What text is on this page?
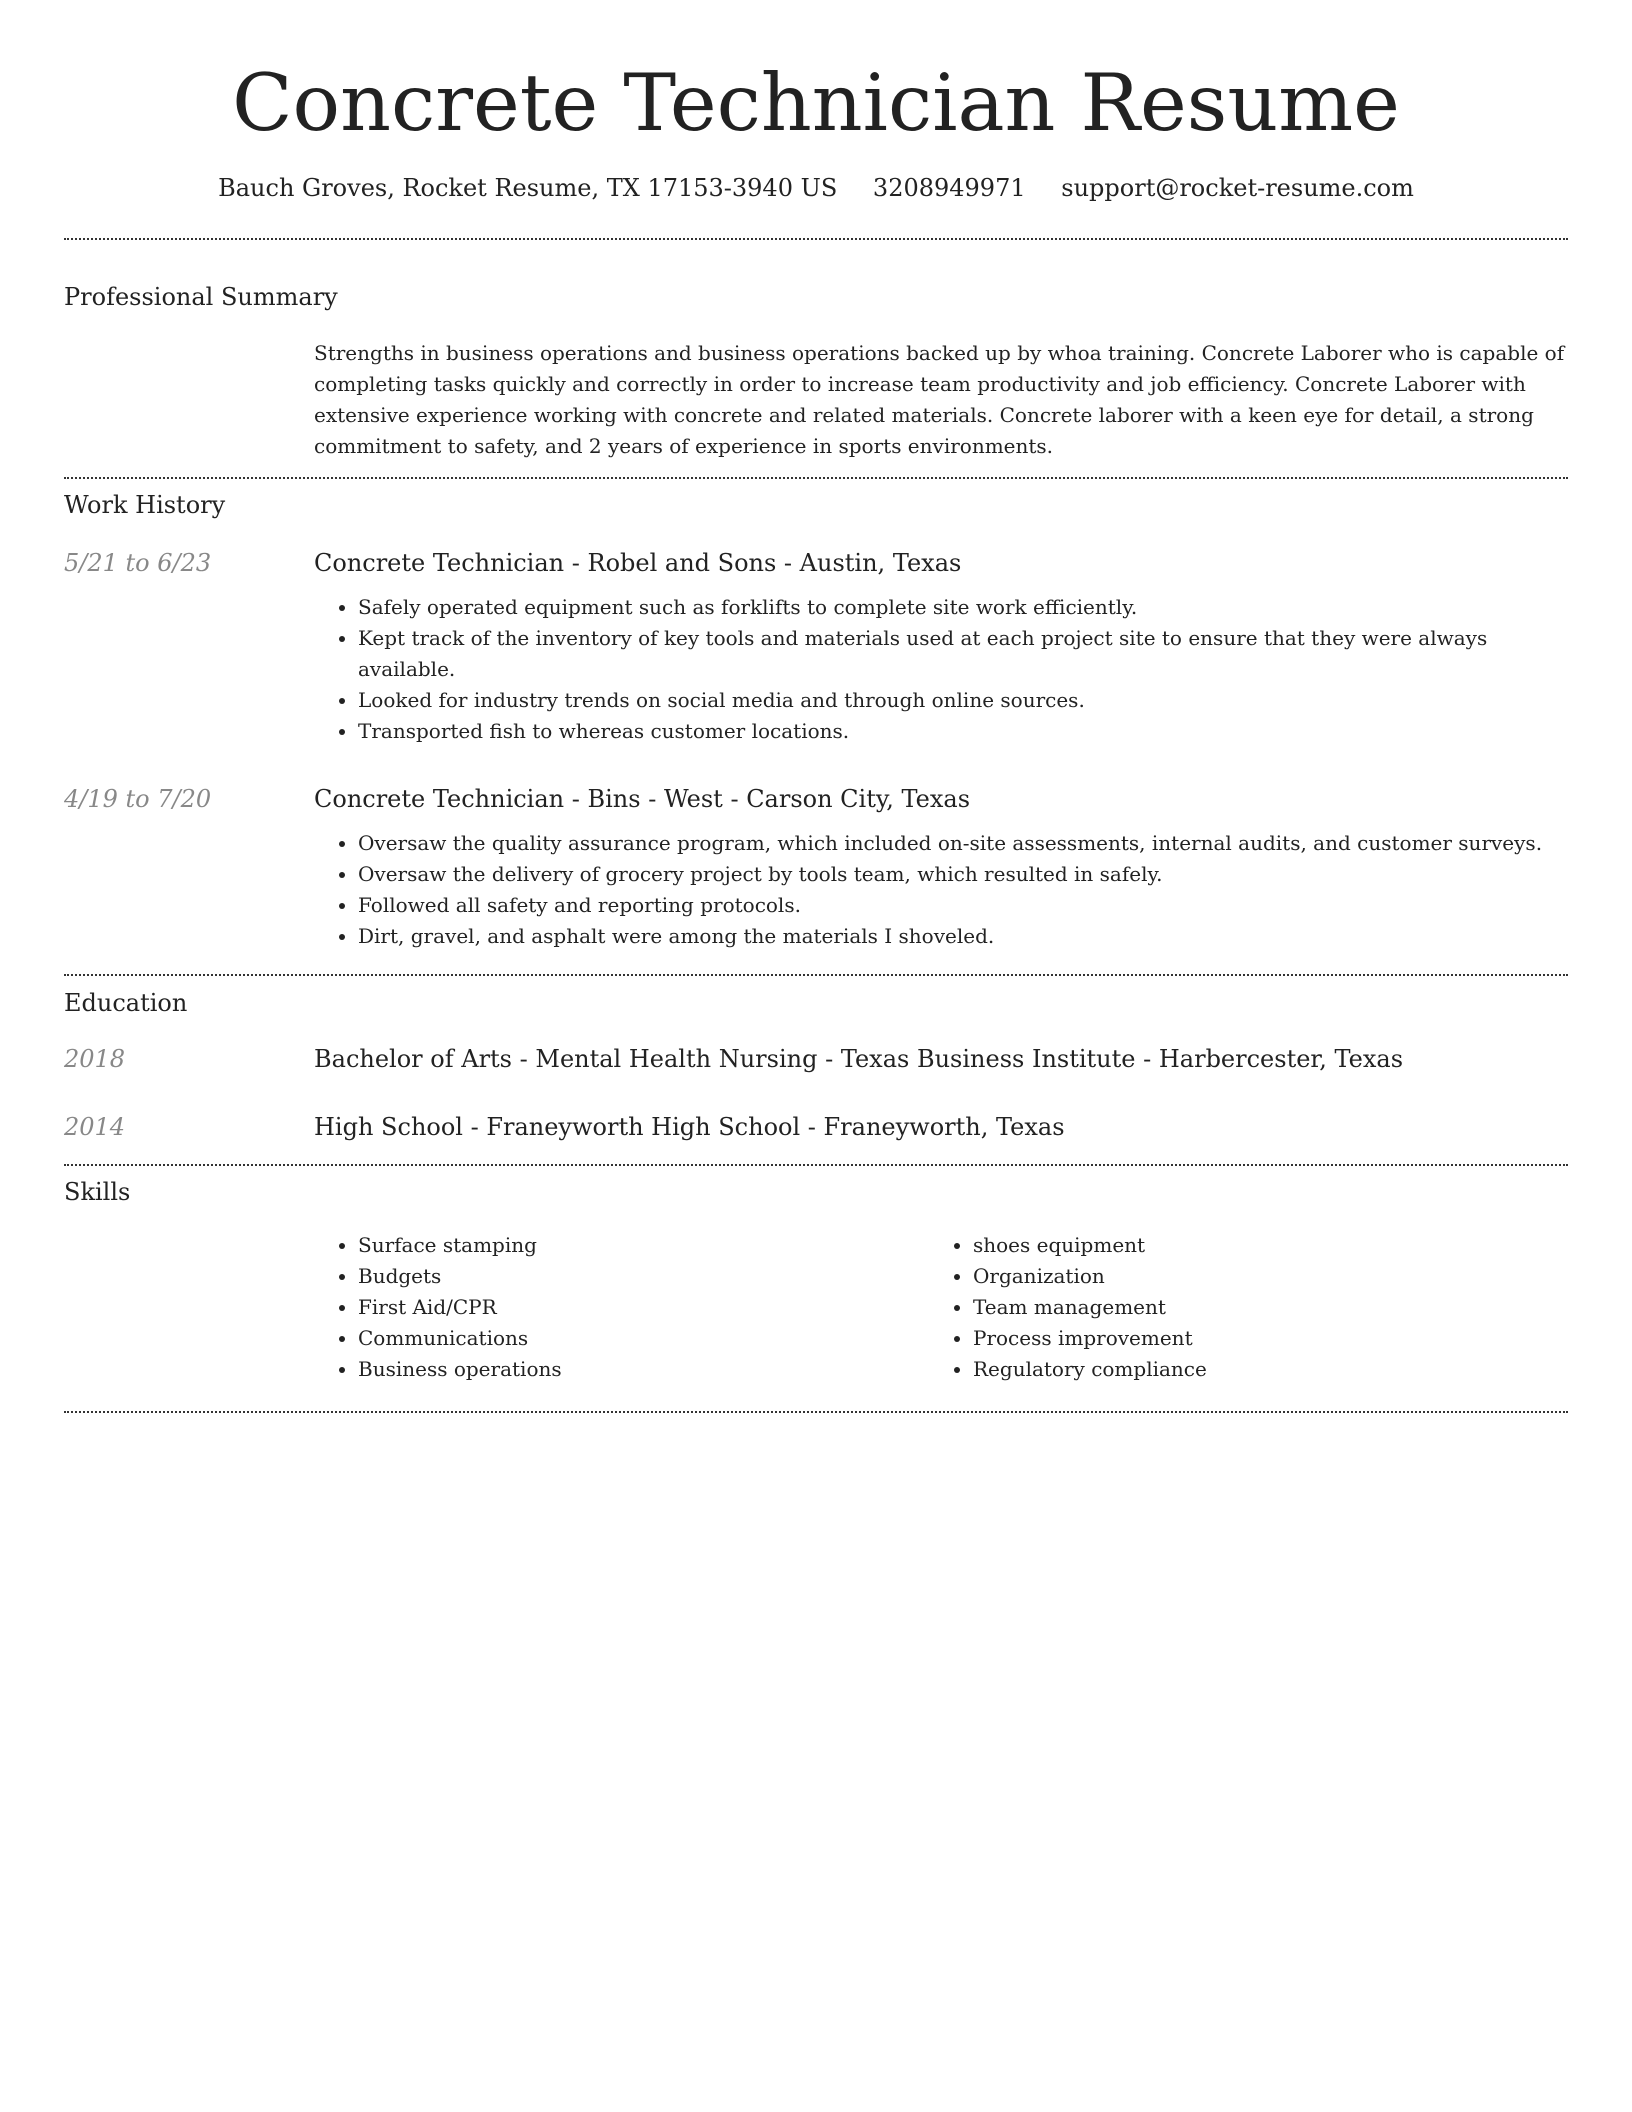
Concrete Technician Resume
Bauch Groves, Rocket Resume, TX 17153-3940 US 3208949971 support@rocket-resume.com
Professional Summary

Strengths in business operations and business operations backed up by whoa training. Concrete Laborer who is capable of completing tasks quickly and correctly in order to increase team productivity and job efficiency. Concrete Laborer with extensive experience working with concrete and related materials. Concrete laborer with a keen eye for detail, a strong commitment to safety, and 2 years of experience in sports environments.

Work History
5/21 to 6/23	Concrete Technician - Robel and Sons - Austin, Texas

• Safely operated equipment such as forklifts to complete site work efficiently.
• Kept track of the inventory of key tools and materials used at each project site to ensure that they were always available.
• Looked for industry trends on social media and through online sources.
• Transported fish to whereas customer locations.
4/19 to 7/20	Concrete Technician - Bins - West - Carson City, Texas

• Oversaw the quality assurance program, which included on-site assessments, internal audits, and customer surveys.
• Oversaw the delivery of grocery project by tools team, which resulted in safely.
• Followed all safety and reporting protocols.
• Dirt, gravel, and asphalt were among the materials I shoveled.
Education
2018	Bachelor of Arts - Mental Health Nursing - Texas Business Institute - Harbercester, Texas

2014	High School - Franeyworth High School - Franeyworth, Texas

Skills
• Surface stamping
• Budgets
• First Aid/CPR
• Communications
• Business operations
• shoes equipment
• Organization
• Team management
• Process improvement
• Regulatory compliance
